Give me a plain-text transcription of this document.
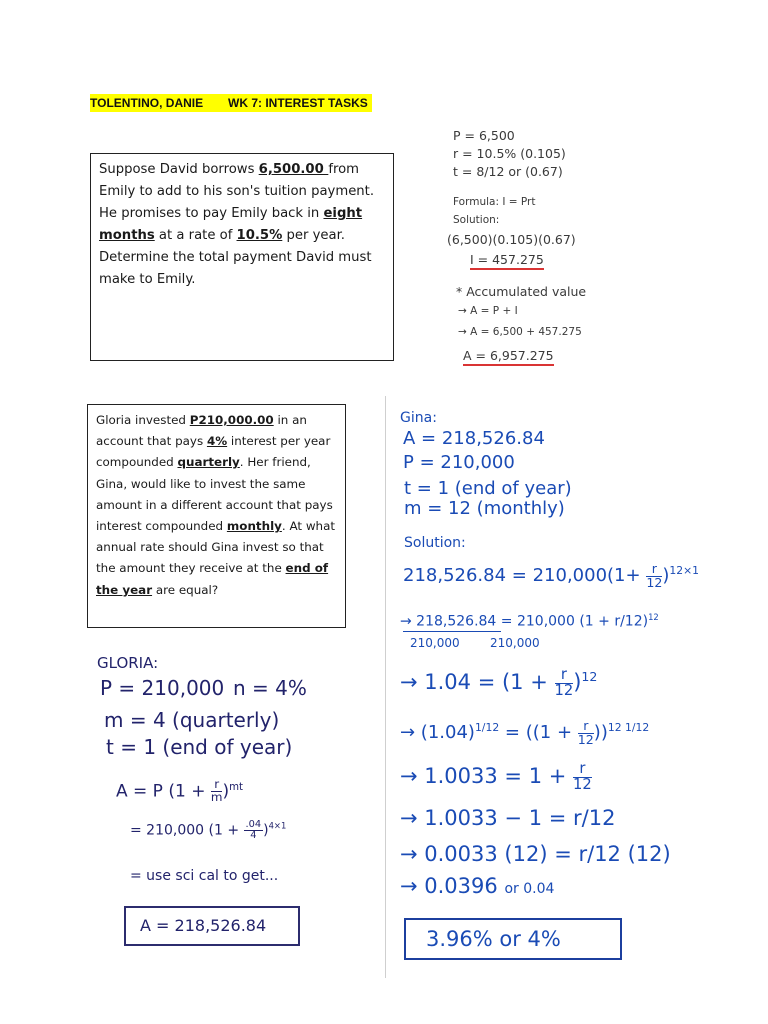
TOLENTINO, DANIE WK 7: INTEREST TASKS
Suppose David borrows 6,500.00 from Emily to add to his son's tuition payment. He promises to pay Emily back in eight months at a rate of 10.5% per year. Determine the total payment David must make to Emily.
P = 6,500
r = 10.5% (0.105)
t = 8/12 or (0.67)
Formula: I = Prt
Solution:
(6,500)(0.105)(0.67)
I = 457.275
* Accumulated value
→ A = P + I
→ A = 6,500 + 457.275
A = 6,957.275
Gloria invested P210,000.00 in an account that pays 4% interest per year compounded quarterly. Her friend, Gina, would like to invest the same amount in a different account that pays interest compounded monthly. At what annual rate should Gina invest so that the amount they receive at the end of the year are equal?
GLORIA:
P = 210,000 n = 4%
m = 4 (quarterly)
t = 1 (end of year)
A = P $(1 + \frac{r}{m} )^{mt}$
= 210,000 $(1 + \frac{.04}{4} )^{4\times 1}$
= use sci cal to get...
A = 218,526.84
Gina:
A = 218,526.84
P = 210,000
t = 1 (end of year)
m = 12 (monthly)
Solution:
$218,526.84 = 210,000(1+ \frac{r}{12} )^{12\times 1}$
→ 218,526.84 = 210,000 $(1 + r/12)^{12}$
210,000	210,000
→ $1.04 = (1 + \frac{r}{12} )^{12}$
→ $(1.04)^{1/12} = ((1 + \frac{r}{12} ))^{12 1/12}$
→ $1.0033 = 1 + \frac{r}{12}$
→ 1.0033 − 1 = r/12
→ 0.0033 (12) = r/12 (12)
→ 0.0396 or 0.04
3.96% or 4%
